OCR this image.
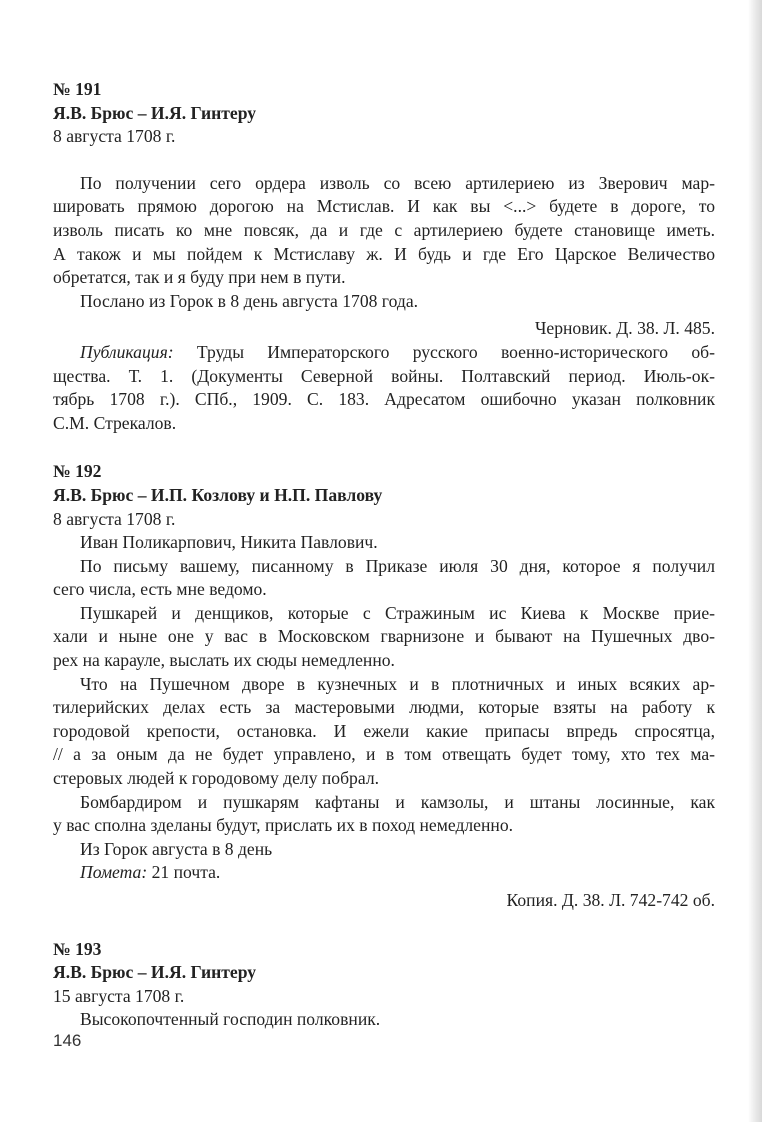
№ 191
Я.В. Брюс – И.Я. Гинтеру
8 августа 1708 г.
По получении сего ордера изволь со всею артилериею из Зверович мар-
шировать прямою дорогою на Мстислав. И как вы <...> будете в дороге, то
изволь писать ко мне повсяк, да и где с артилериею будете становище иметь.
А також и мы пойдем к Мстиславу ж. И будь и где Его Царское Величество
обретатся, так и я буду при нем в пути.
Послано из Горок в 8 день августа 1708 года.
Черновик. Д. 38. Л. 485.
Публикация: Труды Императорского русского военно-исторического об-
щества. Т. 1. (Документы Северной войны. Полтавский период. Июль-ок-
тябрь 1708 г.). СПб., 1909. С. 183. Адресатом ошибочно указан полковник
С.М. Стрекалов.
№ 192
Я.В. Брюс – И.П. Козлову и Н.П. Павлову
8 августа 1708 г.
Иван Поликарпович, Никита Павлович.
По письму вашему, писанному в Приказе июля 30 дня, которое я получил
сего числа, есть мне ведомо.
Пушкарей и денщиков, которые с Стражиным ис Киева к Москве прие-
хали и ныне оне у вас в Московском гварнизоне и бывают на Пушечных дво-
рех на карауле, выслать их сюды немедленно.
Что на Пушечном дворе в кузнечных и в плотничных и иных всяких ар-
тилерийских делах есть за мастеровыми людми, которые взяты на работу к
городовой крепости, остановка. И ежели какие припасы впредь спросятца,
// а за оным да не будет управлено, и в том отвещать будет тому, хто тех ма-
стеровых людей к городовому делу побрал.
Бомбардиром и пушкарям кафтаны и камзолы, и штаны лосинные, как
у вас сполна зделаны будут, прислать их в поход немедленно.
Из Горок августа в 8 день
Помета: 21 почта.
Копия. Д. 38. Л. 742-742 об.
№ 193
Я.В. Брюс – И.Я. Гинтеру
15 августа 1708 г.
Высокопочтенный господин полковник.
146
